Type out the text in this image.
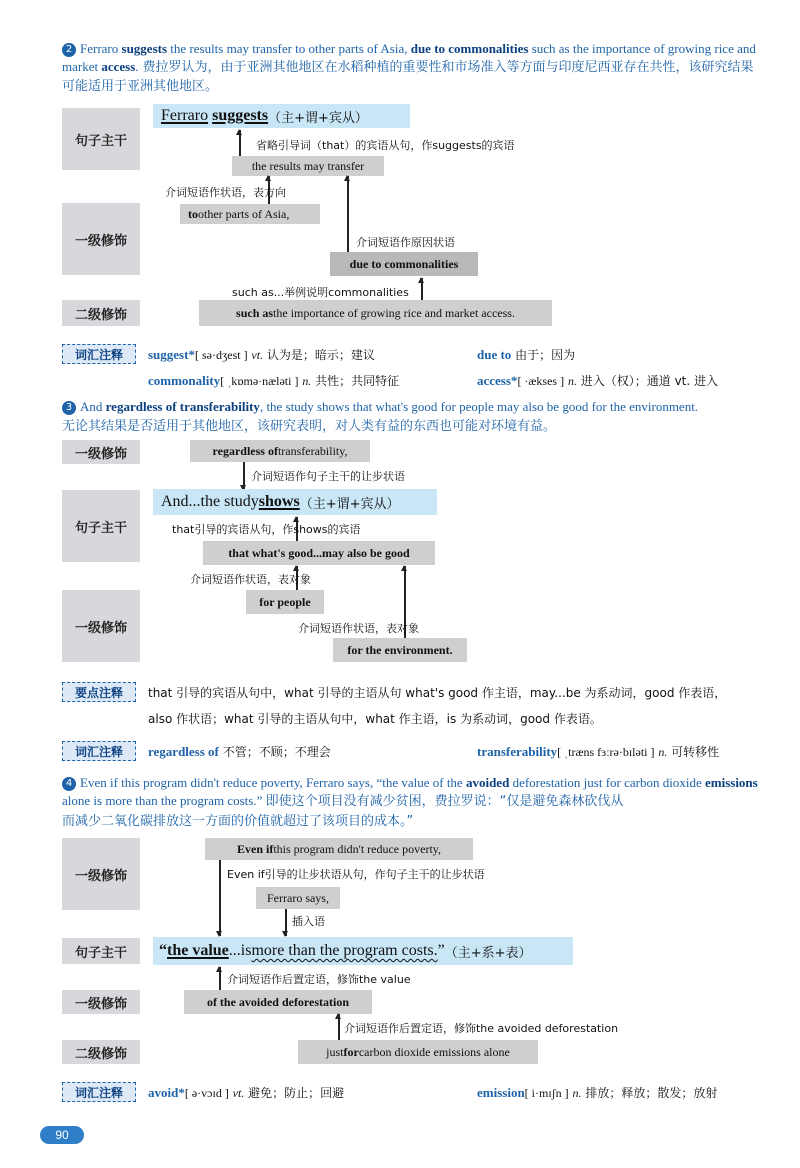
2 Ferraro suggests the results may transfer to other parts of Asia, due to commonalities such as the importance of growing rice and market access. 费拉罗认为，由于亚洲其他地区在水稻种植的重要性和市场准入等方面与印度尼西亚存在共性，该研究结果可能适用于亚洲其他地区。
句子主干
一级修饰
二级修饰
Ferraro
suggests （主+谓+宾从）
省略引导词（that）的宾语从句，作suggests的宾语
the results may transfer
介词短语作状语，表方向
to other parts of Asia,
介词短语作原因状语
due to commonalities
such as...举例说明commonalities
such as the importance of growing rice and market access.
词汇注释	suggest*[ sə·dʒest ] vt. 认为是；暗示；建议	due to 由于；因为
commonality[ ˌkɒmə·næləti ] n. 共性；共同特征	access*[ ·ækses ] n. 进入（权）；通道 vt. 进入
3 And regardless of transferability, the study shows that what's good for people may also be good for the environment.
无论其结果是否适用于其他地区，该研究表明，对人类有益的东西也可能对环境有益。
一级修饰
句子主干
一级修饰
regardless of transferability,
介词短语作句子主干的让步状语
And...the study shows （主+谓+宾从）
that引导的宾语从句，作shows的宾语
that what's good...may also be good
介词短语作状语，表对象
for people
介词短语作状语，表对象
for the environment.
要点注释	that 引导的宾语从句中，what 引导的主语从句 what's good 作主语，may...be 为系动词，good 作表语，
also 作状语；what 引导的主语从句中，what 作主语，is 为系动词，good 作表语。
词汇注释	regardless of 不管；不顾；不理会	transferability[ ˌtræns fɜːrə·bɪləti ] n. 可转移性
4 Even if this program didn't reduce poverty, Ferraro says, “the value of the avoided deforestation just for carbon dioxide emissions alone is more than the program costs.” 即使这个项目没有减少贫困，费拉罗说：“仅是避免森林砍伐从
而减少二氧化碳排放这一方面的价值就超过了该项目的成本。”
一级修饰
句子主干
一级修饰
二级修饰
Even if this program didn't reduce poverty,
Even if引导的让步状语从句，作句子主干的让步状语
Ferraro says,
插入语
“ the value ...is more than the program costs. ” （主+系+表）
介词短语作后置定语，修饰the value
of the avoided deforestation
介词短语作后置定语，修饰the avoided deforestation
just for carbon dioxide emissions alone
词汇注释	avoid*[ ə·vɔɪd ] vt. 避免；防止；回避	emission[ i·mɪʃn ] n. 排放；释放；散发；放射
90
